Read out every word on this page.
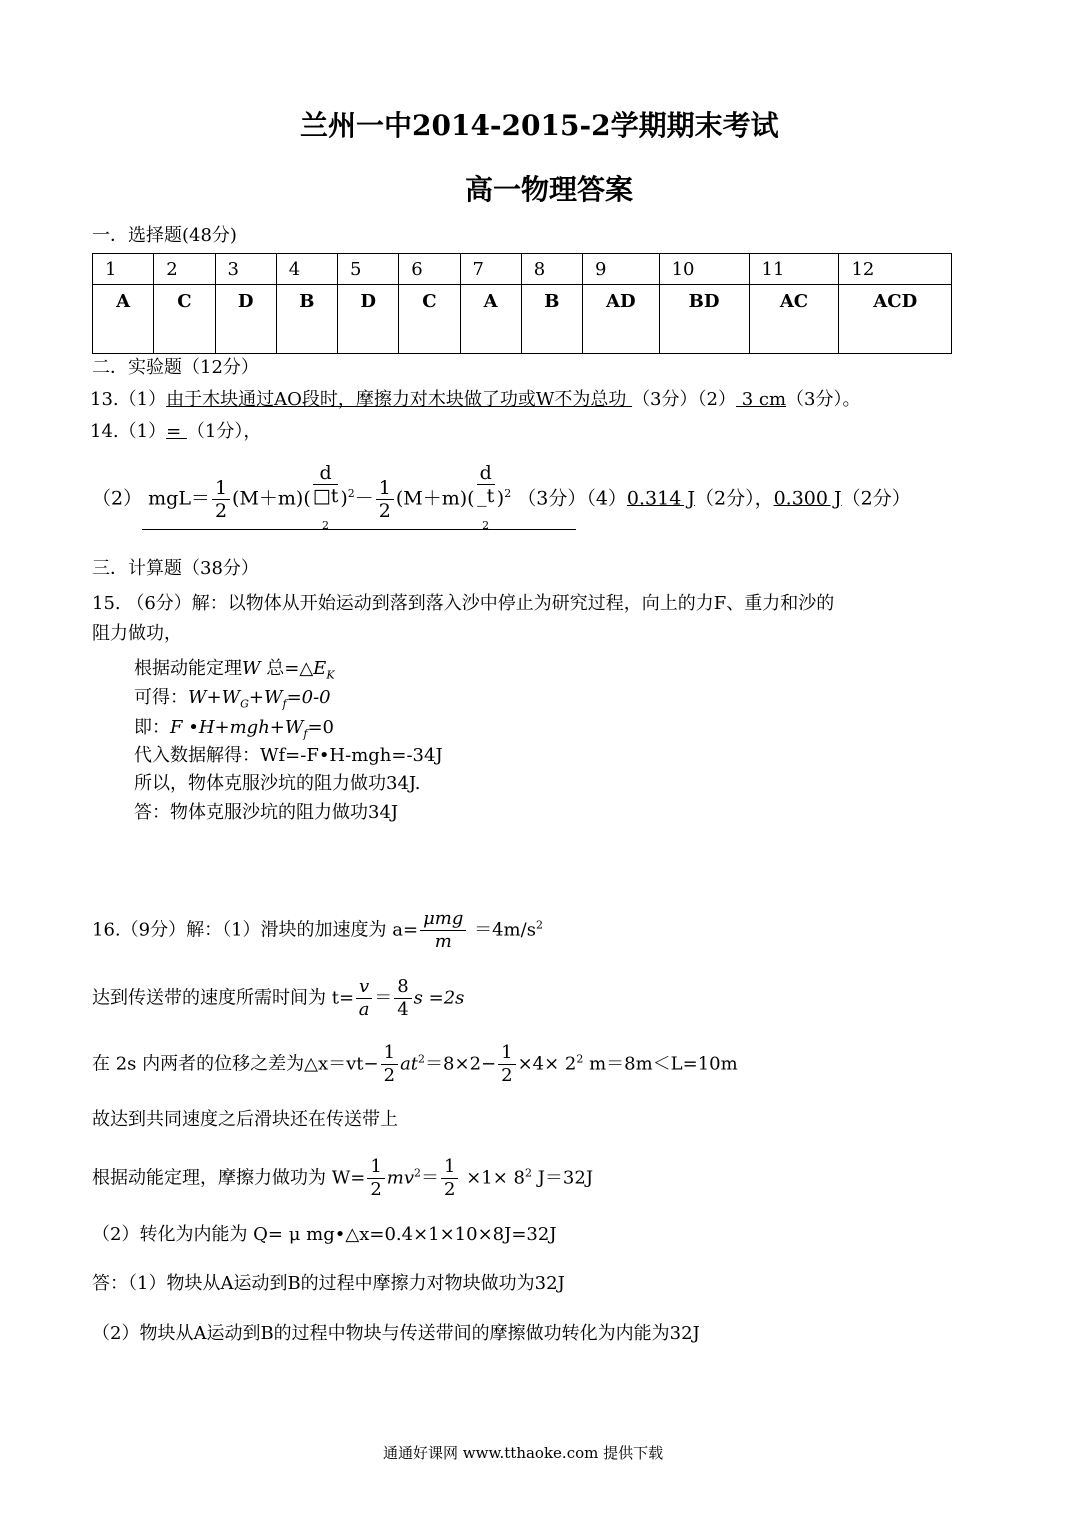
兰州一中2014-2015-2学期期末考试
高一物理答案
一．选择题(48分)
1	2	3	4	5	6	7	8	9	10	11	12
A	C	D	B	D	C	A	B	AD	BD	AC	ACD
二．实验题（12分）
13.（1）由于木块通过AO段时，摩擦力对木块做了功或W不为总功 （3分）（2） 3 cm（3分）。
14.（1）= （1分），
（2） $mgL= \frac{1}{2} (M+m)$( d
□t
$_2$ )$^2- \frac{1}{2} (M+m)$( d
_t
$_2$ )$^2$ （3分）（4）0.314 J（2分），0.300 J（2分）
三．计算题（38分）
15. （6分）解：以物体从开始运动到落到落入沙中停止为研究过程，向上的力F、重力和沙的
阻力做功，
根据动能定理W 总$=\triangle E_K$
可得：$W+W_G+W_f=0-0$
即：F $•H+mgh+W_f=0$
代入数据解得：Wf=-F•H-mgh=-34J
所以，物体克服沙坑的阻力做功34J.
答：物体克服沙坑的阻力做功34J
16.（9分）解：（1）滑块的加速度为 $a= \frac{\text{μmg}}{m} =4m/s^2$
达到传送带的速度所需时间为 $t= \frac{v}{a} = \frac{8}{4}$ s =2s
在 2s 内两者的位移之差为△x＝vt− $\frac{1}{2} at^2=8\times 2- \frac{1}{2} \times 4\times 2^2$ m＝8m＜L=10m
故达到共同速度之后滑块还在传送带上
根据动能定理，摩擦力做功为 $W= \frac{1}{2} mv^2= \frac{1}{2} \times 1\times 8^2$ J＝32J
（2）转化为内能为 Q= μ mg•△x=0.4×1×10×8J=32J
答：（1）物块从A运动到B的过程中摩擦力对物块做功为32J
（2）物块从A运动到B的过程中物块与传送带间的摩擦做功转化为内能为32J
通通好课网 www.tthaoke.com 提供下载
